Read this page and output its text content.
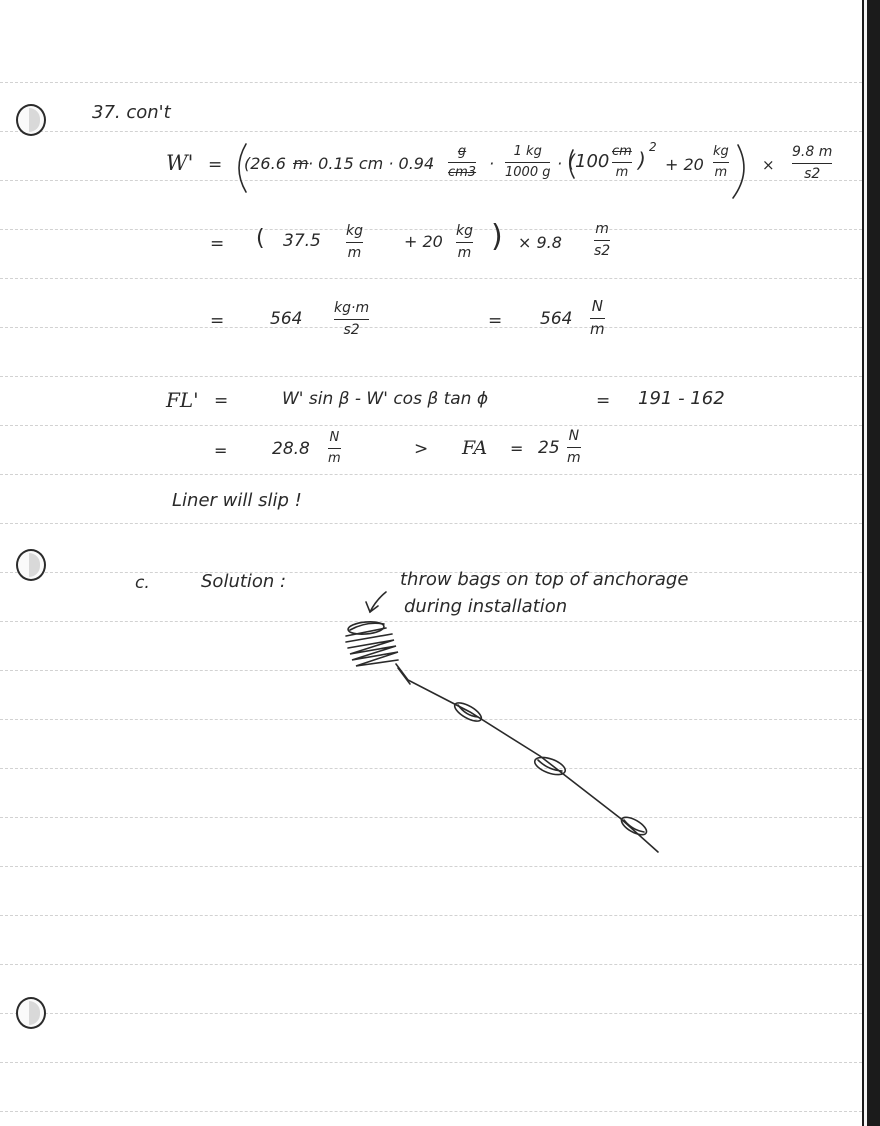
37. con't
W' = (26.6 m · 0.15 cm · 0.94
g
cm3 ·
1 kg
1000 g · (100 cm
m
)
2
+ 20
kg
m ×
9.8 m
s2
= ( 37.5 kg
m
+ 20
kg
m ) × 9.8
m
s2
=	564
kg·m
s2	= 564
N
m
FL' =	W' sin β - W' cos β tan ϕ	= 191 - 162
=	28.8
N
m	> FA = 25
N
m
Liner will slip !
c.	Solution :	throw bags on top of anchorage
during installation
